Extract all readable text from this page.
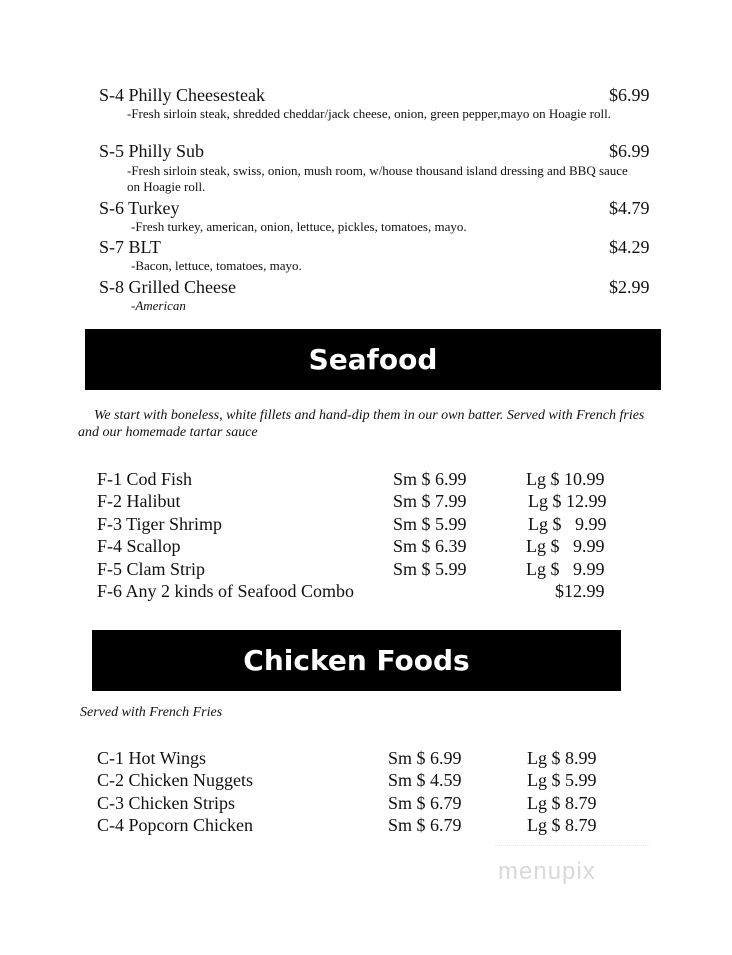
S-4 Philly Cheesesteak	$6.99
-Fresh sirloin steak, shredded cheddar/jack cheese, onion, green pepper,mayo on Hoagie roll.
S-5 Philly Sub	$6.99
-Fresh sirloin steak, swiss, onion, mush room, w/house thousand island dressing and BBQ sauce on Hoagie roll.
S-6 Turkey	$4.79
-Fresh turkey, american, onion, lettuce, pickles, tomatoes, mayo.
S-7 BLT	$4.29
-Bacon, lettuce, tomatoes, mayo.
S-8 Grilled Cheese	$2.99
-American
Seafood
We start with boneless, white fillets and hand-dip them in our own batter. Served with French fries and our homemade tartar sauce
F-1 Cod Fish	Sm $ 6.99	Lg $ 10.99
F-2 Halibut	Sm $ 7.99	Lg $ 12.99
F-3 Tiger Shrimp	Sm $ 5.99	Lg $   9.99
F-4 Scallop	Sm $ 6.39	Lg $   9.99
F-5 Clam Strip	Sm $ 5.99	Lg $   9.99
F-6 Any 2 kinds of Seafood Combo	$12.99
Chicken Foods
Served with French Fries
C-1 Hot Wings	Sm $ 6.99	Lg $ 8.99
C-2 Chicken Nuggets	Sm $ 4.59	Lg $ 5.99
C-3 Chicken Strips	Sm $ 6.79	Lg $ 8.79
C-4 Popcorn Chicken	Sm $ 6.79	Lg $ 8.79
menupix
